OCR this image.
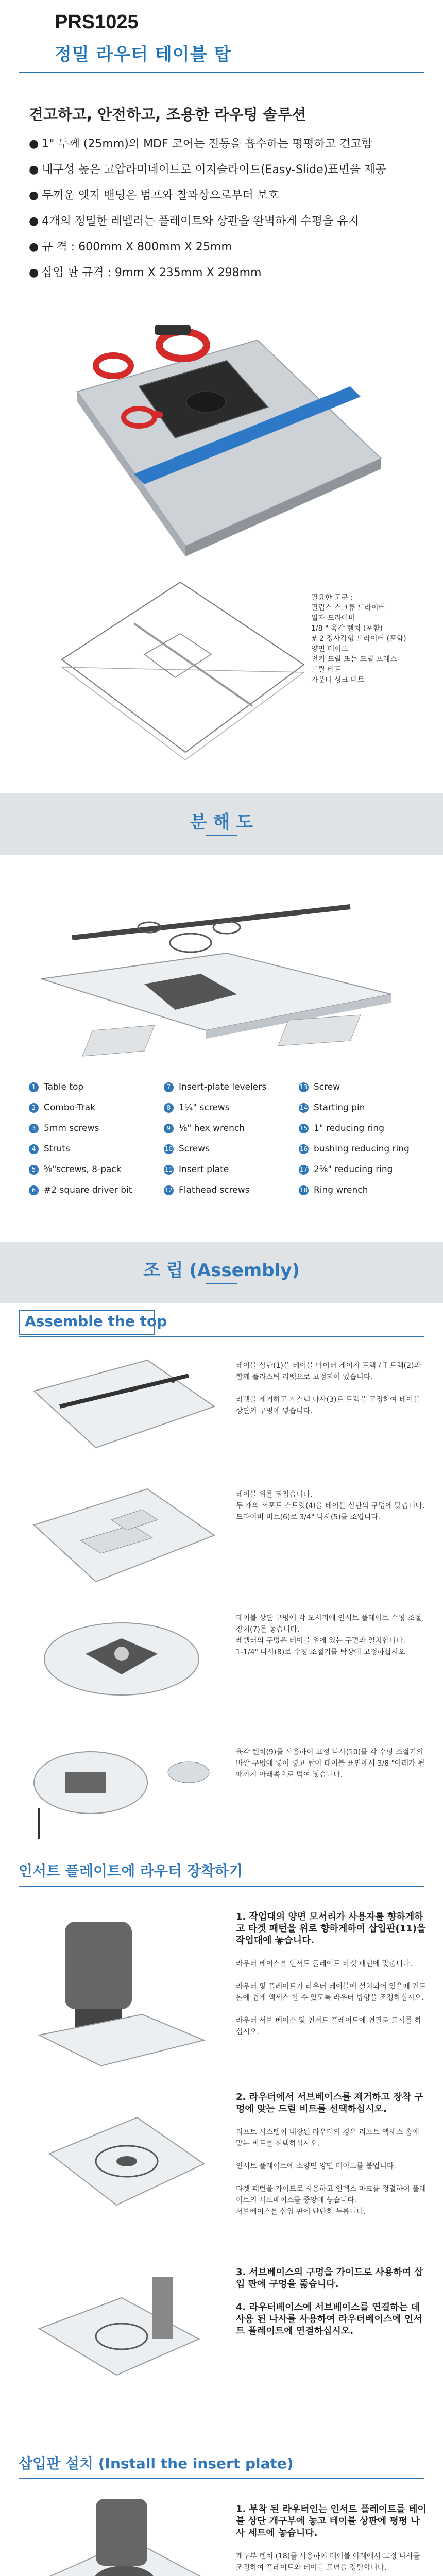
PRS1025
정밀 라우터 테이블 탑
견고하고, 안전하고, 조용한 라우팅 솔루션
● 1" 두께 (25mm)의 MDF 코어는 진동을 흡수하는 평평하고 견고함
● 내구성 높은 고압라미네이트로 이지슬라이드(Easy-Slide)표면을 제공
● 두꺼운 엣지 밴딩은 범프와 찰과상으로부터 보호
● 4개의 정밀한 레벨러는 플레이트와 상판을 완벽하게 수평을 유지
● 규 격 : 600mm X 800mm X 25mm
● 삽입 판 규격 : 9mm X 235mm X 298mm
필요한 도구 :
필립스 스크류 드라이버
일자 드라이버
1/8 " 육각 렌치 (포함)
# 2 정사각형 드라이버 (포함)
양면 테이프
전기 드릴 또는 드릴 프레스
드릴 비트
카운터 싱크 비트
분 해 도
1 Table top
2 Combo-Trak
3 5mm screws
4 Struts
5 ⅝"screws, 8-pack
6 #2 square driver bit
7 Insert-plate levelers
8 1¼" screws
9 ⅛" hex wrench
10 Screws
11 Insert plate
12 Flathead screws
13 Screw
14 Starting pin
15 1" reducing ring
16 bushing reducing ring
17 2⅝" reducing ring
18 Ring wrench
조 립 (Assembly)
Assemble the top
테이블 상단(1)을 테이블 마이터 게이지 트랙 / T 트랙(2)과 함께 플라스틱 리벳으로 고정되어 있습니다.

리벳을 제거하고 시스템 나사(3)로 트랙을 고정하여 테이블 상단의 구멍에 넣습니다.
테이블 위를 뒤집습니다.
두 개의 서포트 스트럿(4)을 테이블 상단의 구멍에 맞춥니다.
드라이버 비트(6)로 3/4" 나사(5)를 조입니다.
테이블 상단 구멍에 각 모서리에 인서트 플레이트 수평 조절 장치(7)를 놓습니다.
레벨러의 구멍은 테이블 위에 있는 구멍과 일치합니다.
1-1/4" 나사(8)로 수평 조절기를 탁상에 고정하십시오.
육각 렌치(9)를 사용하여 고정 나사(10)를 각 수평 조절기의 바깥 구멍에 넣어 넣고 탑이 테이블 표면에서 3/8 "아래가 될 때까지 아래쪽으로 먹여 넣습니다.
인서트 플레이트에 라우터 장착하기
1. 작업대의 양면 모서리가 사용자를 향하게하고 타겟 패턴을 위로 향하게하여 삽입판(11)을 작업대에 놓습니다.

라우터 베이스를 인서트 플레이트 타겟 패턴에 맞춥니다.

라우터 및 플레이트가 라우터 테이블에 설치되어 있을때 컨트롤에 쉽게 엑세스 할 수 있도록 라우터 방향을 조정하십시오.

라우터 서브 베이스 및 인서트 플레이트에 연필로 표시를 하십시오.
2. 라우터에서 서브베이스를 제거하고 장착 구멍에 맞는 드릴 비트를 선택하십시오.

리프트 시스템이 내장된 라우터의 경우 리프트 액세스 홀에 맞는 비트를 선택하십시오.

인서트 플레이트에 소양면 양면 테이프를 붙입니다.

타겟 패턴을 가이드로 사용하고 인덱스 마크를 정렬하여 플레이트의 서브베이스를 중앙에 놓습니다.
서브베이스를 삽입 판에 단단히 누릅니다.
3. 서브베이스의 구멍을 가이드로 사용하여 삽입 판에 구멍을 뚫습니다.

4. 라우터베이스에 서브베이스를 연결하는 데 사용 된 나사를 사용하여 라우터베이스에 인서트 플레이트에 연결하십시오.
삽입판 설치 (Install the insert plate)
1. 부착 된 라우터인는 인서트 플레이트를 테이블 상단 개구부에 놓고 테이블 상판에 평평 나사 세트에 놓습니다.

개구부 렌치 (18)를 사용하여 테이블 아래에서 고정 나사를 조정하여 플레이트와 테이블 표면을 정렬합니다.
